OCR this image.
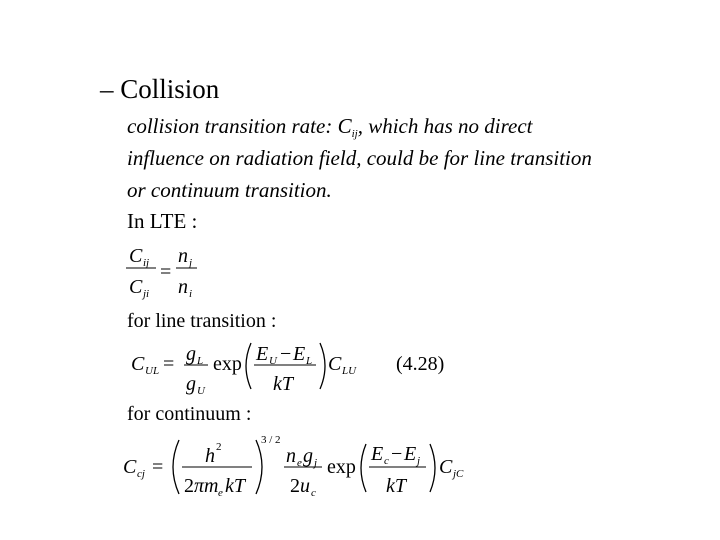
– Collision
collision transition rate: $C_{ij}$, which has no direct
influence on radiation field, could be for line transition
or continuum transition.
In LTE :
for line transition :
for continuum :
C ij
C ji
=
n j
n i
C UL = g L
g U
exp E U − E L
kT
C LU (4.28)
C cj = h 2
2 πm e kT
3 / 2
n e g j
2 u c
exp
E c − E j
kT
C jC
